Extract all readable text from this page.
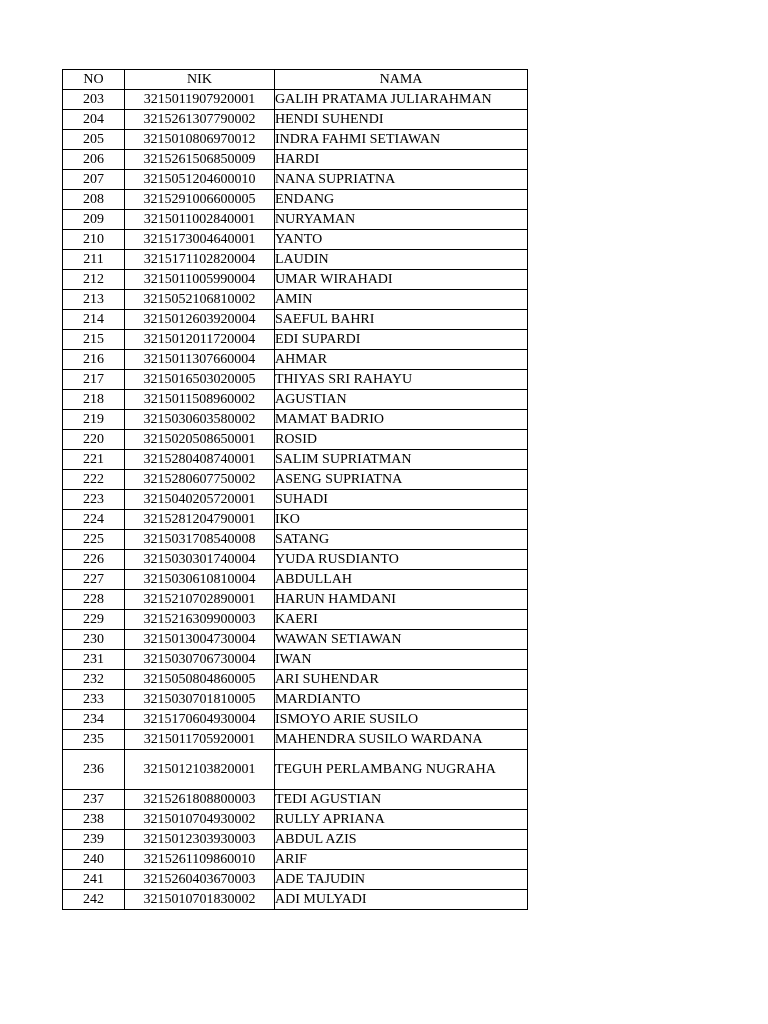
NO	NIK	NAMA
203	3215011907920001	GALIH PRATAMA JULIARAHMAN
204	3215261307790002	HENDI SUHENDI
205	3215010806970012	INDRA FAHMI SETIAWAN
206	3215261506850009	HARDI
207	3215051204600010	NANA SUPRIATNA
208	3215291006600005	ENDANG
209	3215011002840001	NURYAMAN
210	3215173004640001	YANTO
211	3215171102820004	LAUDIN
212	3215011005990004	UMAR WIRAHADI
213	3215052106810002	AMIN
214	3215012603920004	SAEFUL BAHRI
215	3215012011720004	EDI SUPARDI
216	3215011307660004	AHMAR
217	3215016503020005	THIYAS SRI RAHAYU
218	3215011508960002	AGUSTIAN
219	3215030603580002	MAMAT BADRIO
220	3215020508650001	ROSID
221	3215280408740001	SALIM SUPRIATMAN
222	3215280607750002	ASENG SUPRIATNA
223	3215040205720001	SUHADI
224	3215281204790001	IKO
225	3215031708540008	SATANG
226	3215030301740004	YUDA RUSDIANTO
227	3215030610810004	ABDULLAH
228	3215210702890001	HARUN HAMDANI
229	3215216309900003	KAERI
230	3215013004730004	WAWAN SETIAWAN
231	3215030706730004	IWAN
232	3215050804860005	ARI SUHENDAR
233	3215030701810005	MARDIANTO
234	3215170604930004	ISMOYO ARIE SUSILO
235	3215011705920001	MAHENDRA SUSILO WARDANA
236	3215012103820001	TEGUH PERLAMBANG NUGRAHA
237	3215261808800003	TEDI AGUSTIAN
238	3215010704930002	RULLY APRIANA
239	3215012303930003	ABDUL AZIS
240	3215261109860010	ARIF
241	3215260403670003	ADE TAJUDIN
242	3215010701830002	ADI MULYADI
